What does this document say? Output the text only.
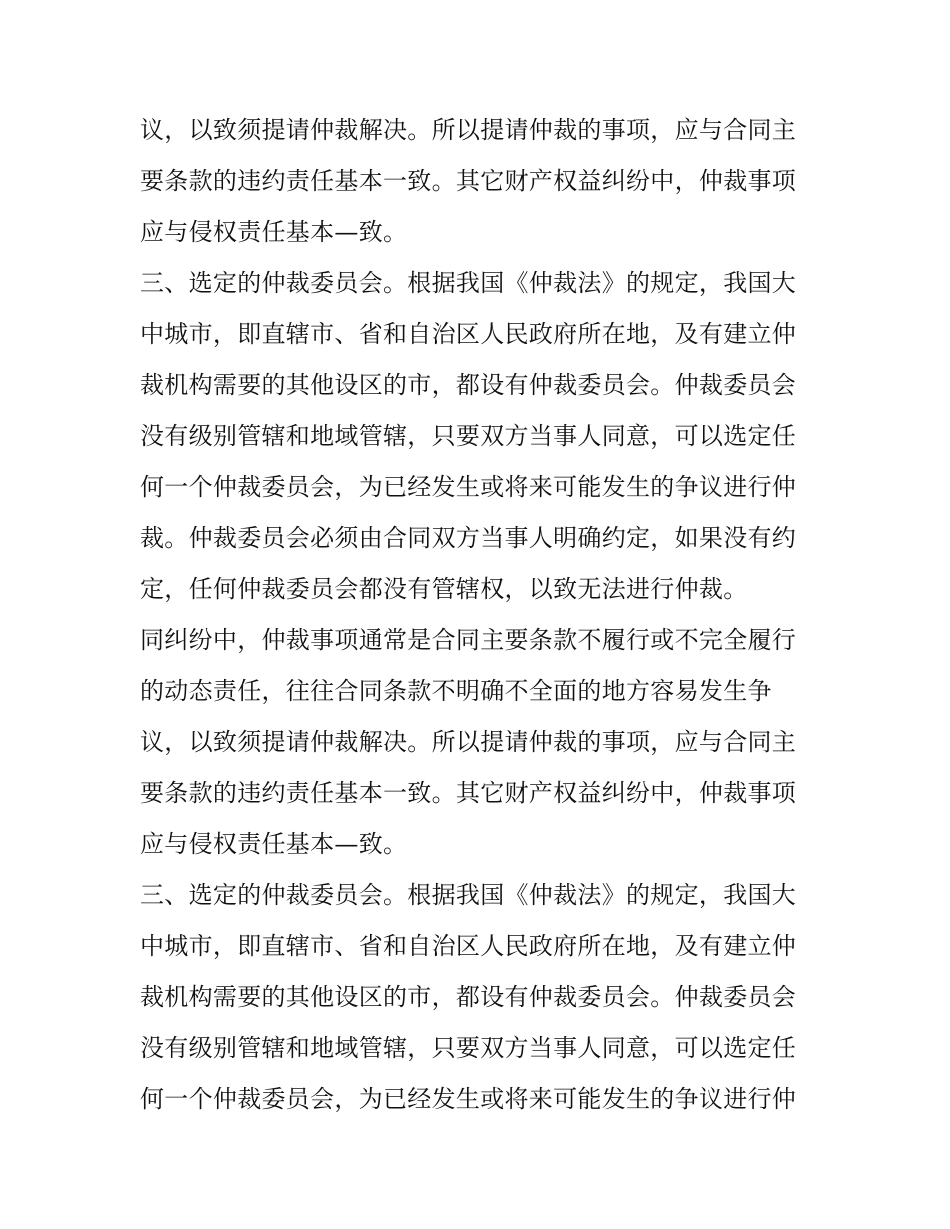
议，以致须提请仲裁解决。所以提请仲裁的事项，应与合同主
要条款的违约责任基本一致。其它财产权益纠纷中，仲裁事项
应与侵权责任基本—致。
三、选定的仲裁委员会。根据我国《仲裁法》的规定，我国大
中城市，即直辖市、省和自治区人民政府所在地，及有建立仲
裁机构需要的其他设区的市，都设有仲裁委员会。仲裁委员会
没有级别管辖和地域管辖，只要双方当事人同意，可以选定任
何一个仲裁委员会，为已经发生或将来可能发生的争议进行仲
裁。仲裁委员会必须由合同双方当事人明确约定，如果没有约
定，任何仲裁委员会都没有管辖权，以致无法进行仲裁。
同纠纷中，仲裁事项通常是合同主要条款不履行或不完全履行
的动态责任，往往合同条款不明确不全面的地方容易发生争
议，以致须提请仲裁解决。所以提请仲裁的事项，应与合同主
要条款的违约责任基本一致。其它财产权益纠纷中，仲裁事项
应与侵权责任基本—致。
三、选定的仲裁委员会。根据我国《仲裁法》的规定，我国大
中城市，即直辖市、省和自治区人民政府所在地，及有建立仲
裁机构需要的其他设区的市，都设有仲裁委员会。仲裁委员会
没有级别管辖和地域管辖，只要双方当事人同意，可以选定任
何一个仲裁委员会，为已经发生或将来可能发生的争议进行仲
